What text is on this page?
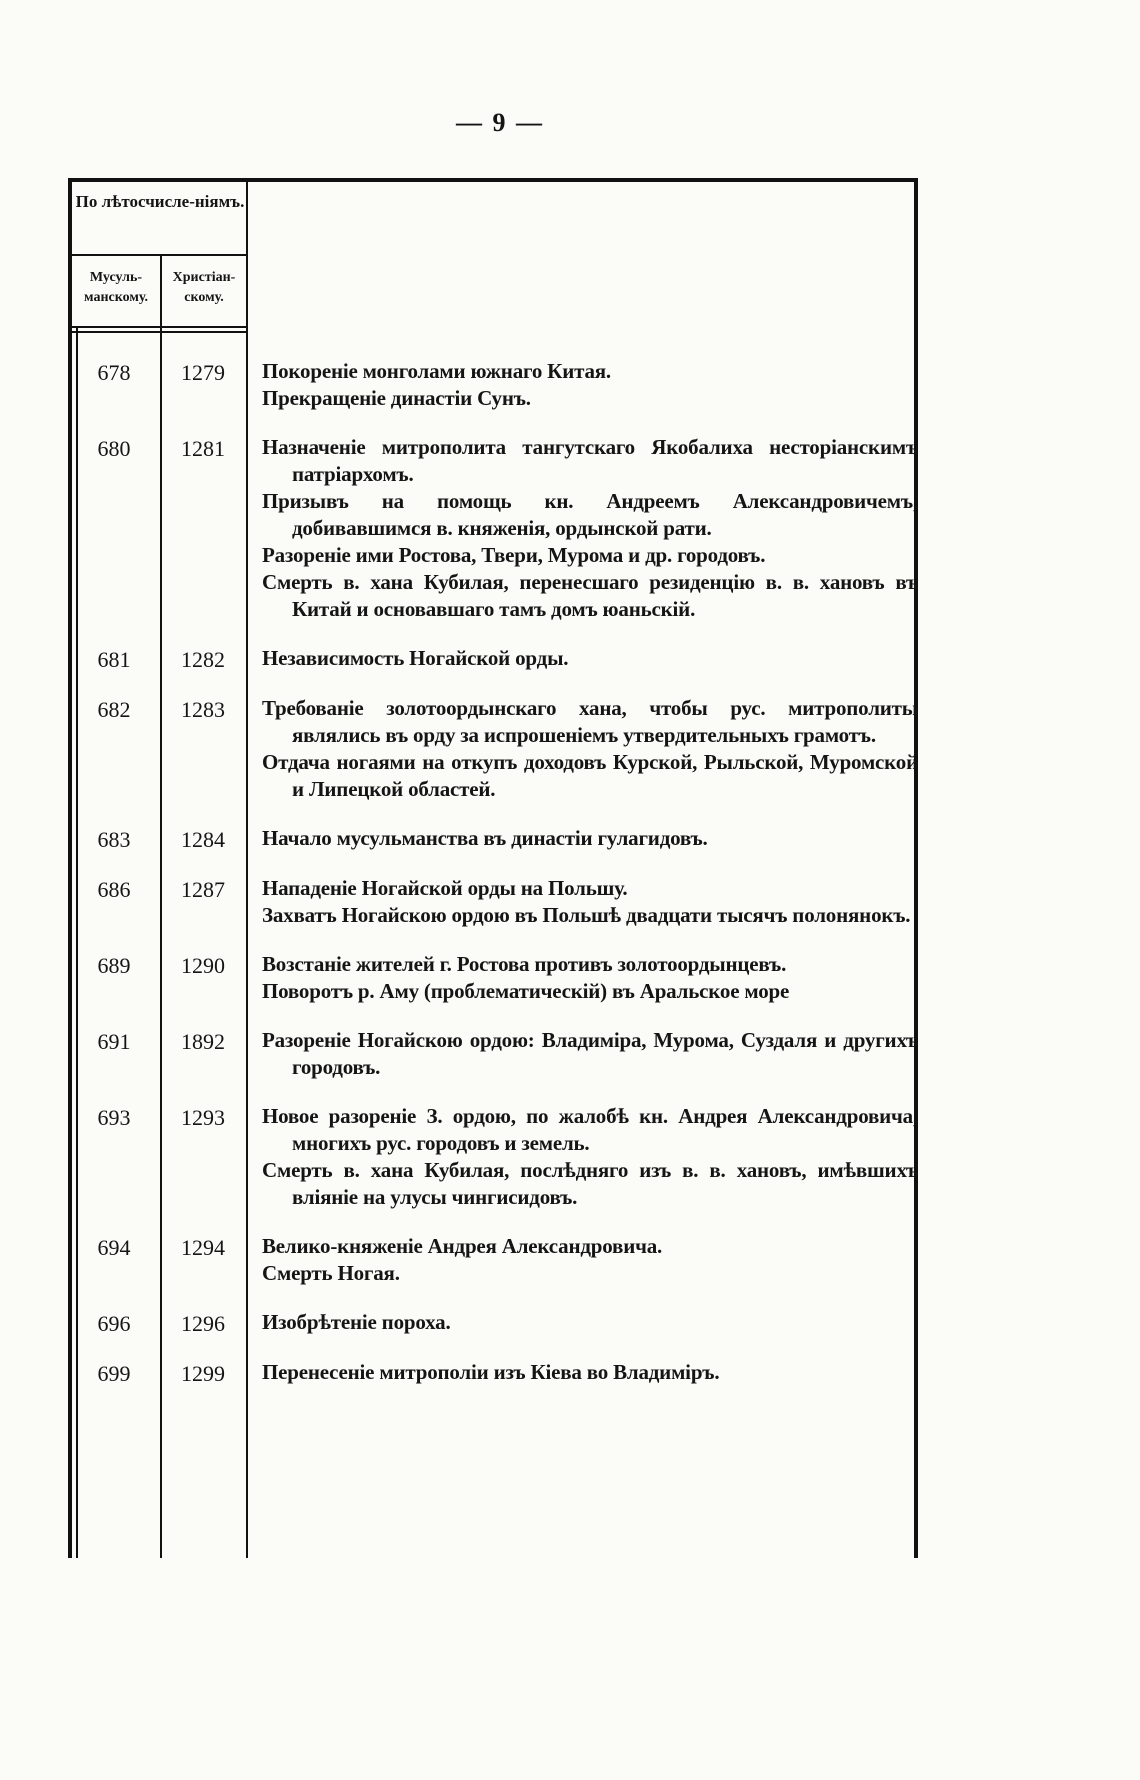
— 9 —
По лѣтосчисле-ніямъ.
Мусуль-манскому.
Христіан-скому.
678	1279	Покореніе монголами южнаго Китая.

Прекращеніе династіи Сунъ.

680	1281	Назначеніе митрополита тангутскаго Якобалиха несторіанскимъ патріархомъ.

Призывъ на помощь кн. Андреемъ Александровичемъ, добивавшимся в. княженія, ордынской рати.

Разореніе ими Ростова, Твери, Мурома и др. городовъ.

Смерть в. хана Кубилая, перенесшаго резиденцію в. в. хановъ въ Китай и основавшаго тамъ домъ юаньскій.

681	1282	Независимость Ногайской орды.

682	1283	Требованіе золотоордынскаго хана, чтобы рус. митрополиты являлись въ орду за испрошеніемъ утвердительныхъ грамотъ.

Отдача ногаями на откупъ доходовъ Курской, Рыльской, Муромской и Липецкой областей.

683	1284	Начало мусульманства въ династіи гулагидовъ.

686	1287	Нападеніе Ногайской орды на Польшу.

Захватъ Ногайскою ордою въ Польшѣ двадцати тысячъ полонянокъ.

689	1290	Возстаніе жителей г. Ростова противъ золотоордынцевъ.

Поворотъ р. Аму (проблематическій) въ Аральское море

691	1892	Разореніе Ногайскою ордою: Владиміра, Мурома, Суздаля и другихъ городовъ.

693	1293	Новое разореніе З. ордою, по жалобѣ кн. Андрея Александровича, многихъ рус. городовъ и земель.

Смерть в. хана Кубилая, послѣдняго изъ в. в. хановъ, имѣвшихъ вліяніе на улусы чингисидовъ.

694	1294	Велико-княженіе Андрея Александровича.

Смерть Ногая.

696	1296	Изобрѣтеніе пороха.

699	1299	Перенесеніе митрополіи изъ Кіева во Владиміръ.
